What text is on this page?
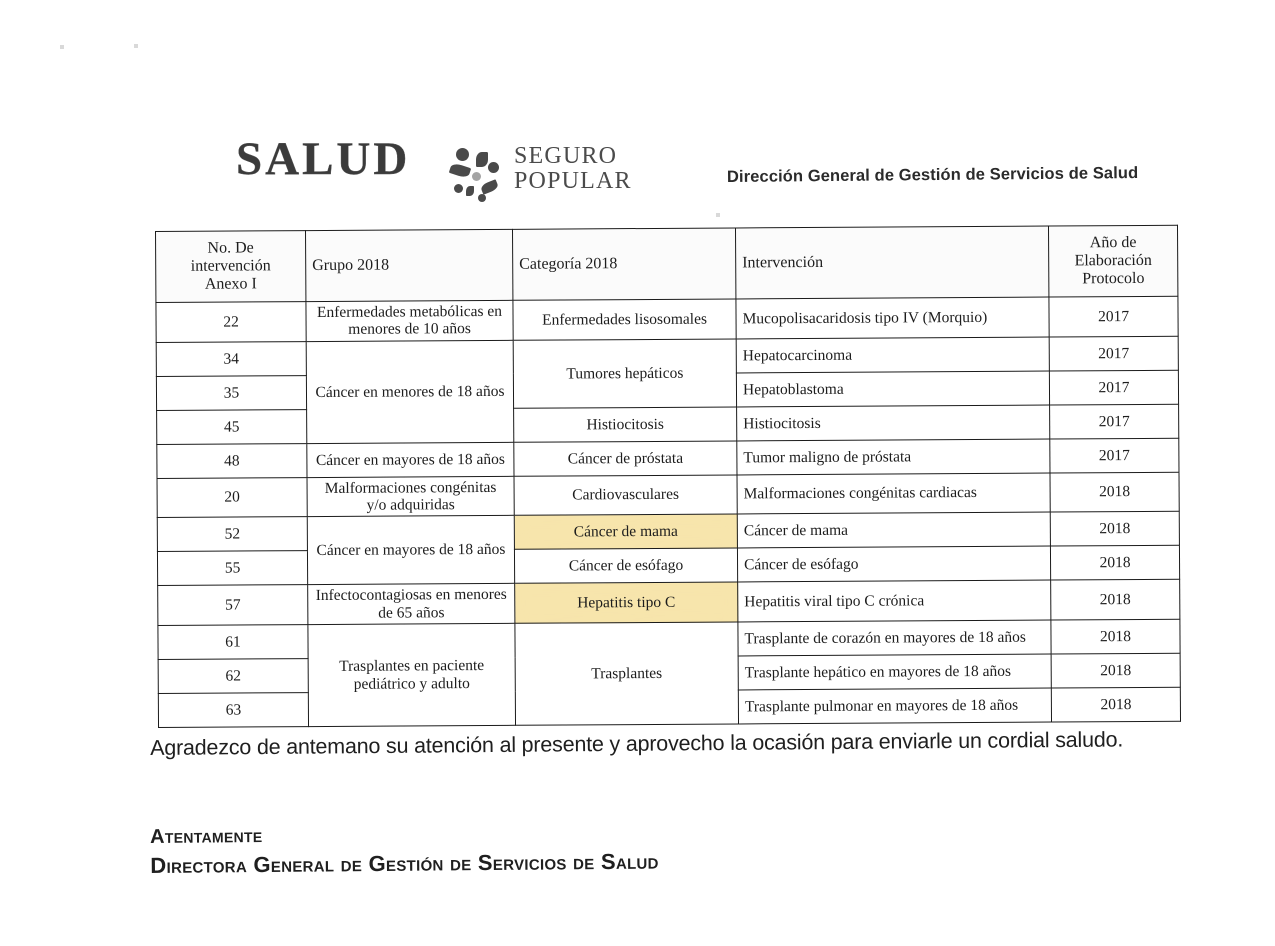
SALUD	SEGURO
POPULAR	Dirección General de Gestión de Servicios de Salud
No. De
intervención
Anexo I	Grupo 2018	Categoría 2018	Intervención	Año de
Elaboración
Protocolo
22	Enfermedades metabólicas en menores de 10 años	Enfermedades lisosomales	Mucopolisacaridosis tipo IV (Morquio)	2017
34	Cáncer en menores de 18 años	Tumores hepáticos	Hepatocarcinoma	2017
35			Hepatoblastoma	2017
45		Histiocitosis	Histiocitosis	2017
48	Cáncer en mayores de 18 años	Cáncer de próstata	Tumor maligno de próstata	2017
20	Malformaciones congénitas y/o adquiridas	Cardiovasculares	Malformaciones congénitas cardiacas	2018
52	Cáncer en mayores de 18 años	Cáncer de mama	Cáncer de mama	2018
55		Cáncer de esófago	Cáncer de esófago	2018
57	Infectocontagiosas en menores de 65 años	Hepatitis tipo C	Hepatitis viral tipo C crónica	2018
61	Trasplantes en paciente pediátrico y adulto	Trasplantes	Trasplante de corazón en mayores de 18 años	2018
62			Trasplante hepático en mayores de 18 años	2018
63			Trasplante pulmonar en mayores de 18 años	2018
Agradezco de antemano su atención al presente y aprovecho la ocasión para enviarle un cordial saludo.
Atentamente
Directora General de Gestión de Servicios de Salud
